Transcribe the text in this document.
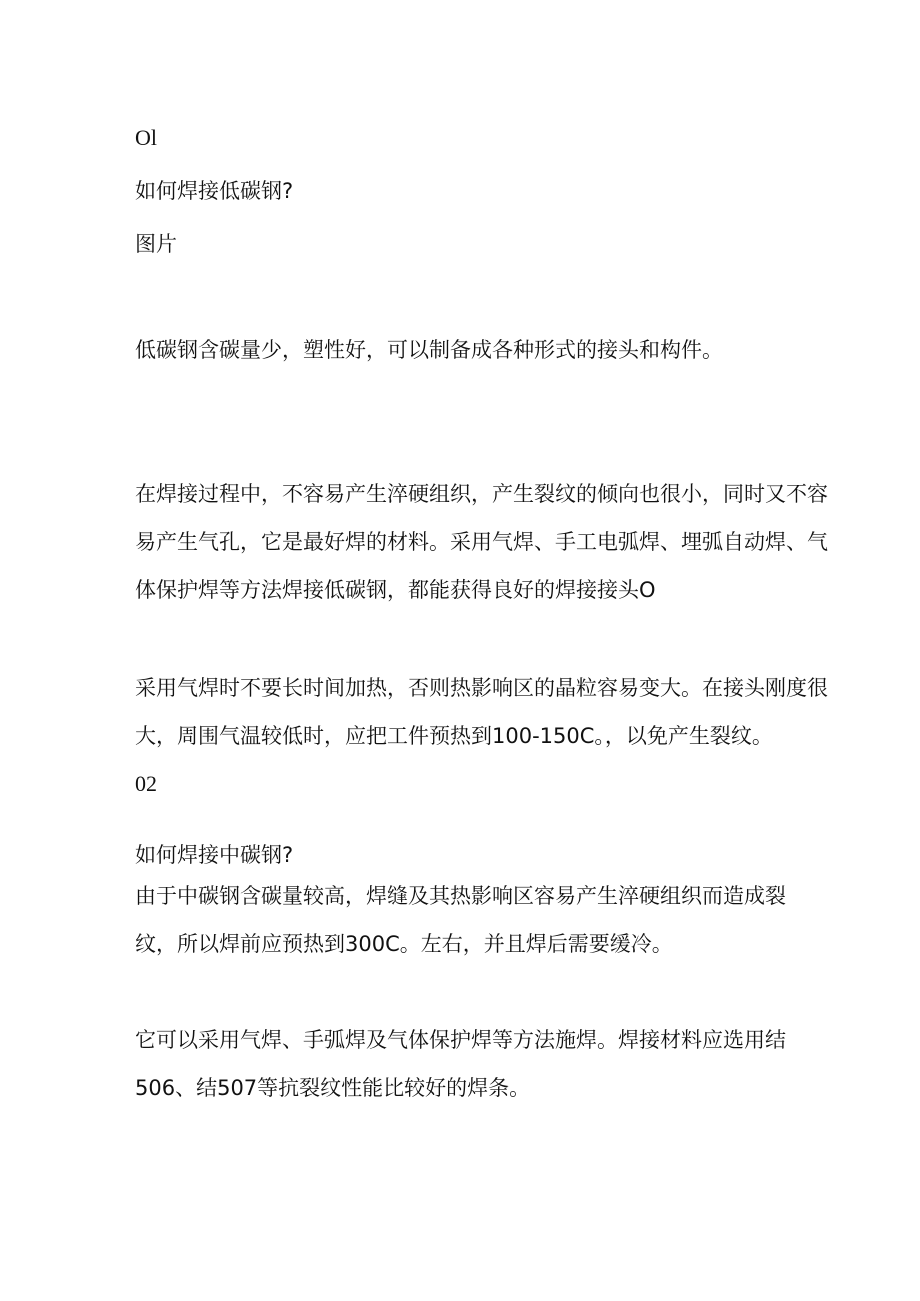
Ol

如何焊接低碳钢?

图片

低碳钢含碳量少，塑性好，可以制备成各种形式的接头和构件。

在焊接过程中，不容易产生淬硬组织，产生裂纹的倾向也很小，同时又不容
易产生气孔，它是最好焊的材料。采用气焊、手工电弧焊、埋弧自动焊、气
体保护焊等方法焊接低碳钢，都能获得良好的焊接接头O
采用气焊时不要长时间加热，否则热影响区的晶粒容易变大。在接头刚度很
大，周围气温较低时，应把工件预热到100-150C。，以免产生裂纹。

02

如何焊接中碳钢?

由于中碳钢含碳量较高，焊缝及其热影响区容易产生淬硬组织而造成裂
纹，所以焊前应预热到300C。左右，并且焊后需要缓冷。
它可以采用气焊、手弧焊及气体保护焊等方法施焊。焊接材料应选用结
506、结507等抗裂纹性能比较好的焊条。
